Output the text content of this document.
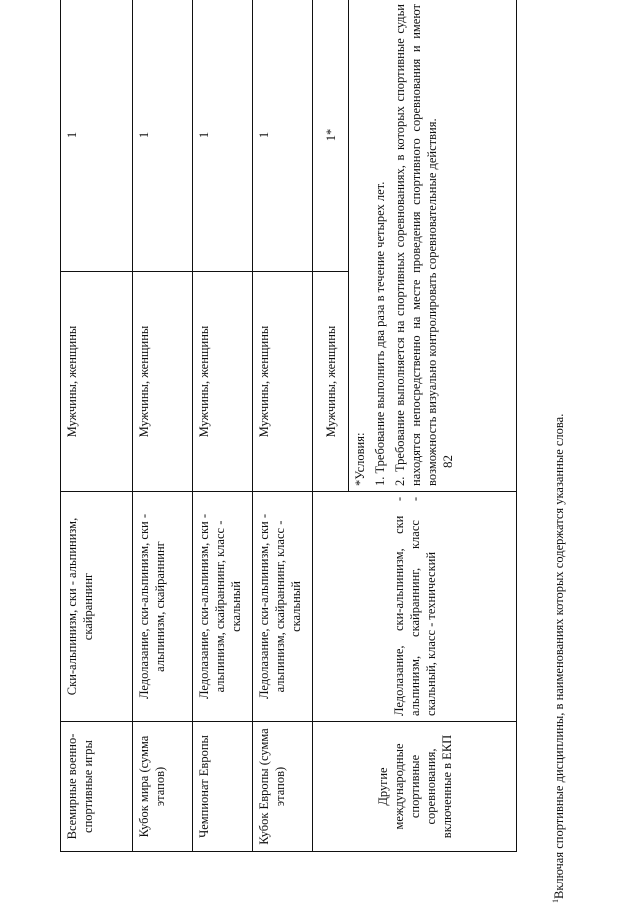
82
Всемирные военно-спортивные игры	Ски-альпинизм, ски - альпинизм, скайраннинг	Мужчины, женщины	1
Кубок мира (сумма этапов)	Ледолазание, ски-альпинизм, ски - альпинизм, скайраннинг	Мужчины, женщины	1
Чемпионат Европы	Ледолазание, ски-альпинизм, ски - альпинизм, скайраннинг, класс - скальный	Мужчины, женщины	1
Кубок Европы (сумма этапов)	Ледолазание, ски-альпинизм, ски - альпинизм, скайраннинг, класс - скальный	Мужчины, женщины	1
Другие международные спортивные соревнования, включенные в ЕКП	Ледолазание, ски-альпинизм, ски - альпинизм, скайраннинг, класс - скальный, класс - технический	Мужчины, женщины	1*

		*Условия: 1. Требование выполнить два раза в течение четырех лет. 2. Требование выполняется на спортивных соревнованиях, в которых спортивные судьи находятся непосредственно на месте проведения спортивного соревнования и имеют возможность визуально контролировать соревновательные действия.	
$^1$Включая спортивные дисциплины, в наименованиях которых содержатся указанные слова.
